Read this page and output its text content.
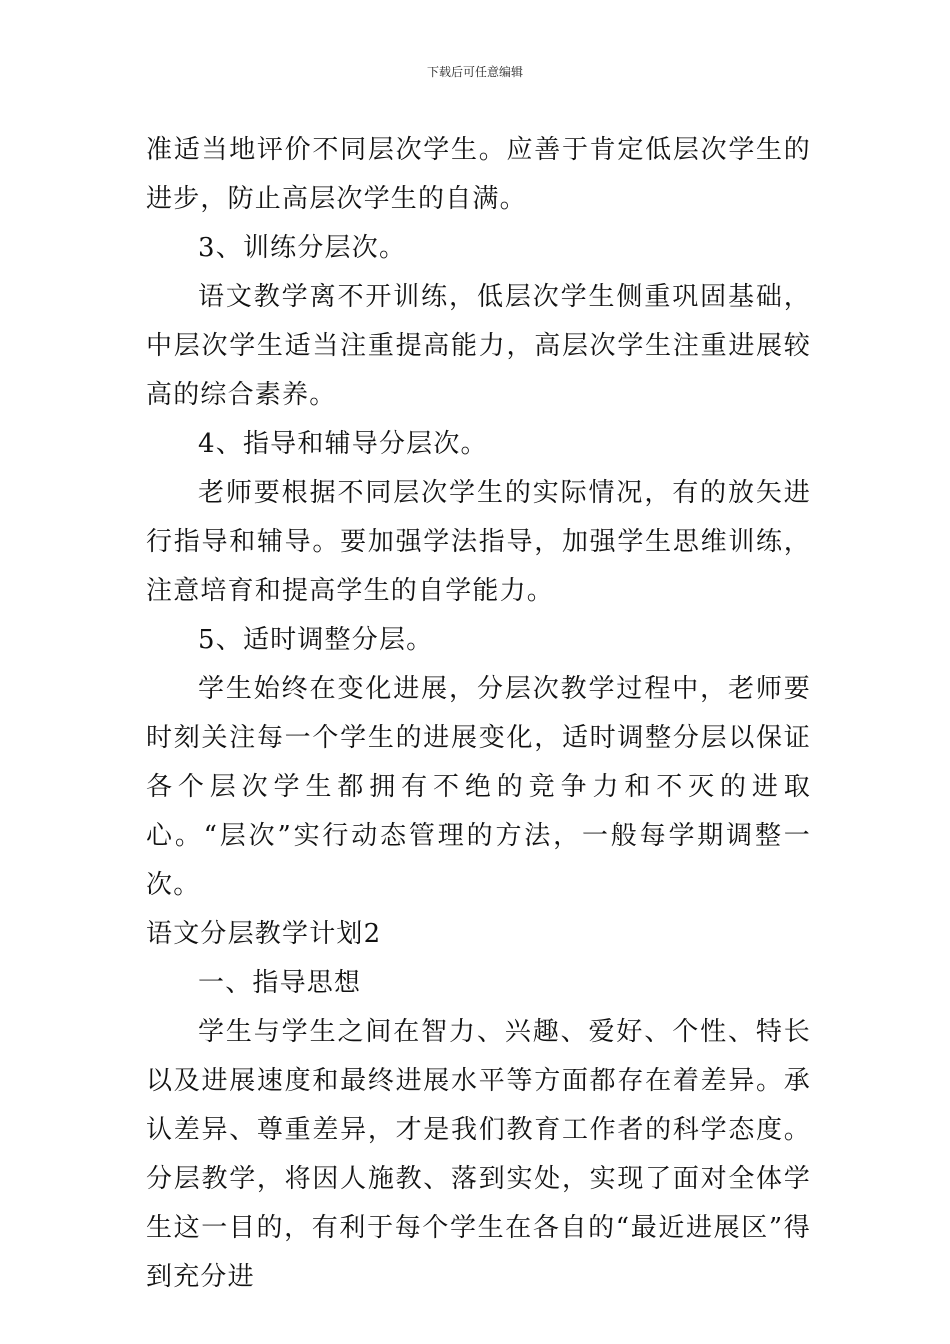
下载后可任意编辑

准适当地评价不同层次学生。应善于肯定低层次学生的进步，防止高层次学生的自满。

3、训练分层次。

语文教学离不开训练，低层次学生侧重巩固基础，中层次学生适当注重提高能力，高层次学生注重进展较高的综合素养。

4、指导和辅导分层次。

老师要根据不同层次学生的实际情况，有的放矢进行指导和辅导。要加强学法指导，加强学生思维训练，注意培育和提高学生的自学能力。

5、适时调整分层。

学生始终在变化进展，分层次教学过程中，老师要时刻关注每一个学生的进展变化，适时调整分层以保证各个层次学生都拥有不绝的竞争力和不灭的进取心。“层次”实行动态管理的方法，一般每学期调整一次。

语文分层教学计划2

一、指导思想

学生与学生之间在智力、兴趣、爱好、个性、特长以及进展速度和最终进展水平等方面都存在着差异。承认差异、尊重差异，才是我们教育工作者的科学态度。分层教学，将因人施教、落到实处，实现了面对全体学生这一目的，有利于每个学生在各自的“最近进展区”得到充分进
